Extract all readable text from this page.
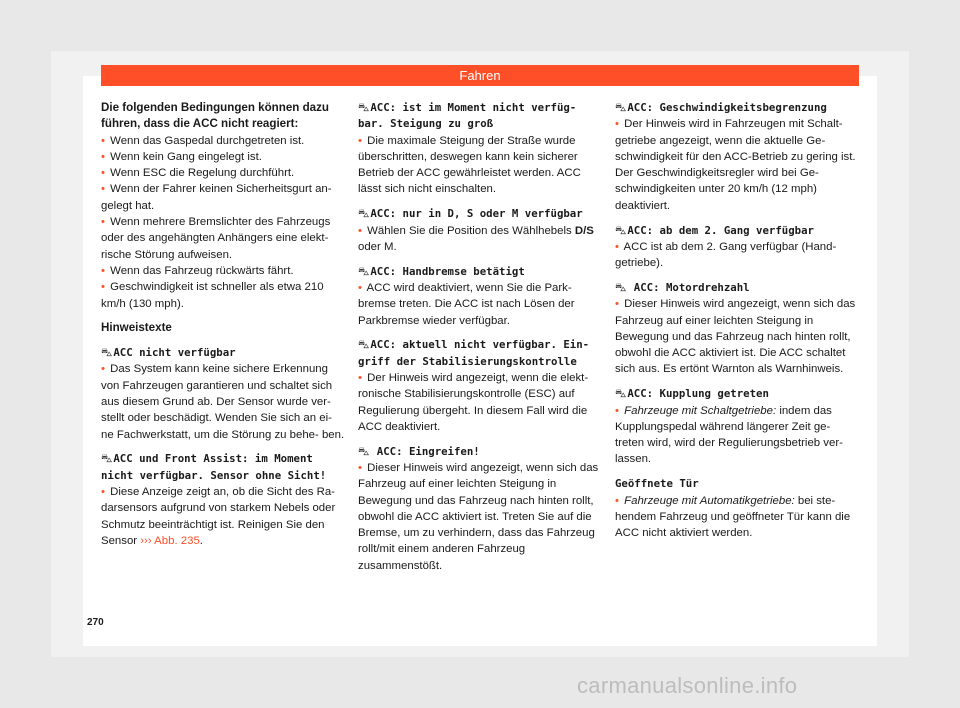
Fahren

Die folgenden Bedingungen können dazu führen, dass die ACC nicht reagiert:

• Wenn das Gaspedal durchgetreten ist.

• Wenn kein Gang eingelegt ist.

• Wenn ESC die Regelung durchführt.

• Wenn der Fahrer keinen Sicherheitsgurt an- gelegt hat.

• Wenn mehrere Bremslichter des Fahrzeugs oder des angehängten Anhängers eine elekt- rische Störung aufweisen.

• Wenn das Fahrzeug rückwärts fährt.

• Geschwindigkeit ist schneller als etwa 210 km/h (130 mph).

Hinweistexte

⛍ACC nicht verfügbar

• Das System kann keine sichere Erkennung von Fahrzeugen garantieren und schaltet sich aus diesem Grund ab. Der Sensor wurde ver- stellt oder beschädigt. Wenden Sie sich an ei- ne Fachwerkstatt, um die Störung zu behe- ben.

⛍ACC und Front Assist: im Moment nicht verfügbar. Sensor ohne Sicht!

• Diese Anzeige zeigt an, ob die Sicht des Ra- darsensors aufgrund von starkem Nebels oder Schmutz beeinträchtigt ist. Reinigen Sie den Sensor ››› Abb. 235.

⛍ACC: ist im Moment nicht verfüg- bar. Steigung zu groß

• Die maximale Steigung der Straße wurde überschritten, deswegen kann kein sicherer Betrieb der ACC gewährleistet werden. ACC lässt sich nicht einschalten.

⛍ACC: nur in D, S oder M verfügbar

• Wählen Sie die Position des Wählhebels D/S oder M.

⛍ACC: Handbremse betätigt

• ACC wird deaktiviert, wenn Sie die Park- bremse treten. Die ACC ist nach Lösen der Parkbremse wieder verfügbar.

⛍ACC: aktuell nicht verfügbar. Ein- griff der Stabilisierungskontrolle

• Der Hinweis wird angezeigt, wenn die elekt- ronische Stabilisierungskontrolle (ESC) auf Regulierung übergeht. In diesem Fall wird die ACC deaktiviert.

⛍ ACC: Eingreifen!

• Dieser Hinweis wird angezeigt, wenn sich das Fahrzeug auf einer leichten Steigung in Bewegung und das Fahrzeug nach hinten rollt, obwohl die ACC aktiviert ist. Treten Sie auf die Bremse, um zu verhindern, dass das Fahrzeug rollt/mit einem anderen Fahrzeug zusammenstößt.

⛍ACC: Geschwindigkeitsbegrenzung

• Der Hinweis wird in Fahrzeugen mit Schalt- getriebe angezeigt, wenn die aktuelle Ge- schwindigkeit für den ACC-Betrieb zu gering ist. Der Geschwindigkeitsregler wird bei Ge- schwindigkeiten unter 20 km/h (12 mph) deaktiviert.

⛍ACC: ab dem 2. Gang verfügbar

• ACC ist ab dem 2. Gang verfügbar (Hand- getriebe).

⛍ ACC: Motordrehzahl

• Dieser Hinweis wird angezeigt, wenn sich das Fahrzeug auf einer leichten Steigung in Bewegung und das Fahrzeug nach hinten rollt, obwohl die ACC aktiviert ist. Die ACC schaltet sich aus. Es ertönt Warnton als Warnhinweis.

⛍ACC: Kupplung getreten

• Fahrzeuge mit Schaltgetriebe: indem das Kupplungspedal während längerer Zeit ge- treten wird, wird der Regulierungsbetrieb ver- lassen.

Geöffnete Tür

• Fahrzeuge mit Automatikgetriebe: bei ste- hendem Fahrzeug und geöffneter Tür kann die ACC nicht aktiviert werden.

270
carmanualsonline.info
